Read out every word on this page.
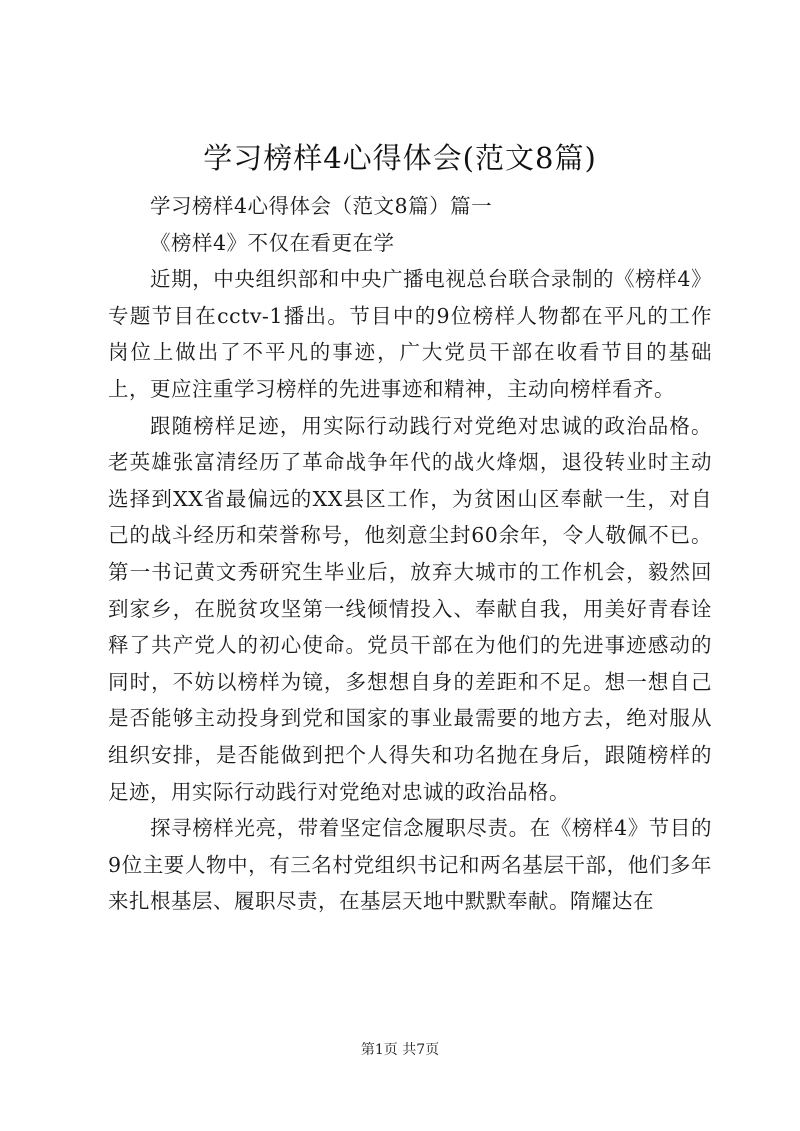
学习榜样4心得体会(范文8篇)

学习榜样4心得体会（范文8篇）篇一

《榜样4》不仅在看更在学

近期，中央组织部和中央广播电视总台联合录制的《榜样4》专题节目在cctv-1播出。节目中的9位榜样人物都在平凡的工作岗位上做出了不平凡的事迹，广大党员干部在收看节目的基础上，更应注重学习榜样的先进事迹和精神，主动向榜样看齐。

跟随榜样足迹，用实际行动践行对党绝对忠诚的政治品格。老英雄张富清经历了革命战争年代的战火烽烟，退役转业时主动选择到XX省最偏远的XX县区工作，为贫困山区奉献一生，对自己的战斗经历和荣誉称号，他刻意尘封60余年，令人敬佩不已。第一书记黄文秀研究生毕业后，放弃大城市的工作机会，毅然回到家乡，在脱贫攻坚第一线倾情投入、奉献自我，用美好青春诠释了共产党人的初心使命。党员干部在为他们的先进事迹感动的同时，不妨以榜样为镜，多想想自身的差距和不足。想一想自己是否能够主动投身到党和国家的事业最需要的地方去，绝对服从组织安排，是否能做到把个人得失和功名抛在身后，跟随榜样的足迹，用实际行动践行对党绝对忠诚的政治品格。

探寻榜样光亮，带着坚定信念履职尽责。在《榜样4》节目的9位主要人物中，有三名村党组织书记和两名基层干部，他们多年来扎根基层、履职尽责，在基层天地中默默奉献。隋耀达在

第1页 共7页
